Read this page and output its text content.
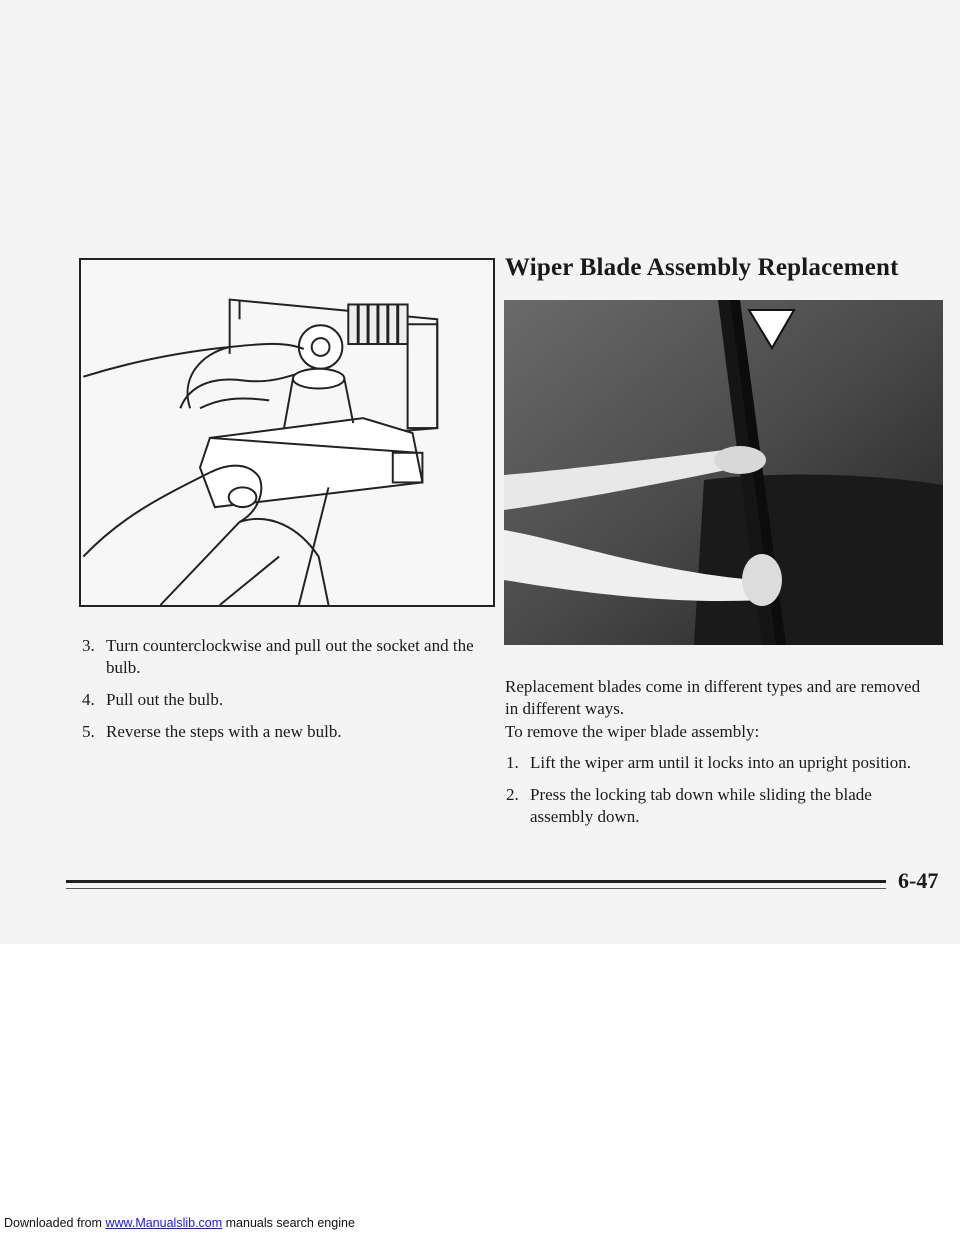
Wiper Blade Assembly Replacement
3. Turn counterclockwise and pull out the socket and the bulb.
4. Pull out the bulb.
5. Reverse the steps with a new bulb.

Replacement blades come in different types and are removed in different ways.

To remove the wiper blade assembly:

1. Lift the wiper arm until it locks into an upright position.
2. Press the locking tab down while sliding the blade assembly down.

6-47

Downloaded from www.Manualslib.com manuals search engine
